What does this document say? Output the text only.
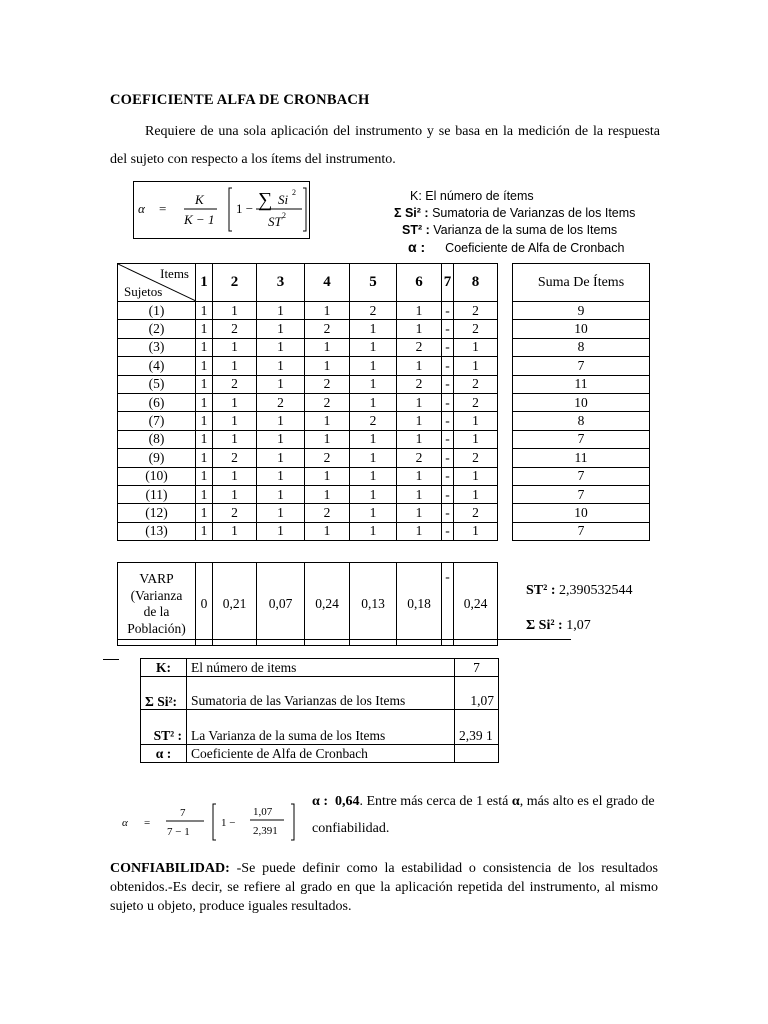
COEFICIENTE ALFA DE CRONBACH
Requiere de una sola aplicación del instrumento y se basa en la medición de la respuesta del sujeto con respecto a los ítems del instrumento.
α =
K
K − 1
1 − ∑ Si 2
ST 2
K: El número de ítems
Σ Si² : Sumatoria de Varianzas de los Items
ST² : Varianza de la suma de los Items
α : Coeficiente de Alfa de Cronbach
Items
Sujetos	1	2	3	4	5	6	7	8		Suma De Ítems
(1)	1	1	1	1	2	1	-	2		9
(2)	1	2	1	2	1	1	-	2		10
(3)	1	1	1	1	1	2	-	1		8
(4)	1	1	1	1	1	1	-	1		7
(5)	1	2	1	2	1	2	-	2		11
(6)	1	1	2	2	1	1	-	2		10
(7)	1	1	1	1	2	1	-	1		8
(8)	1	1	1	1	1	1	-	1		7
(9)	1	2	1	2	1	2	-	2		11
(10)	1	1	1	1	1	1	-	1		7
(11)	1	1	1	1	1	1	-	1		7
(12)	1	2	1	2	1	1	-	2		10
(13)	1	1	1	1	1	1	-	1		7
VARP
(Varianza
de la
Población)
	0	0,21	0,07	0,24	0,13	0,18	-	0,24
ST² : 2,390532544
Σ Si² : 1,07
K:	El número de items	7
Σ Si²:	Sumatoria de las Varianzas de los Items	1,07
ST² :	La Varianza de la suma de los Items	2,39 1
α :	Coeficiente de Alfa de Cronbach	
α =
7
7 − 1
1 −
1,07
2,391
α : 0,64. Entre más cerca de 1 está α, más alto es el grado de confiabilidad.
CONFIABILIDAD: -Se puede definir como la estabilidad o consistencia de los resultados obtenidos.-Es decir, se refiere al grado en que la aplicación repetida del instrumento, al mismo sujeto u objeto, produce iguales resultados.
